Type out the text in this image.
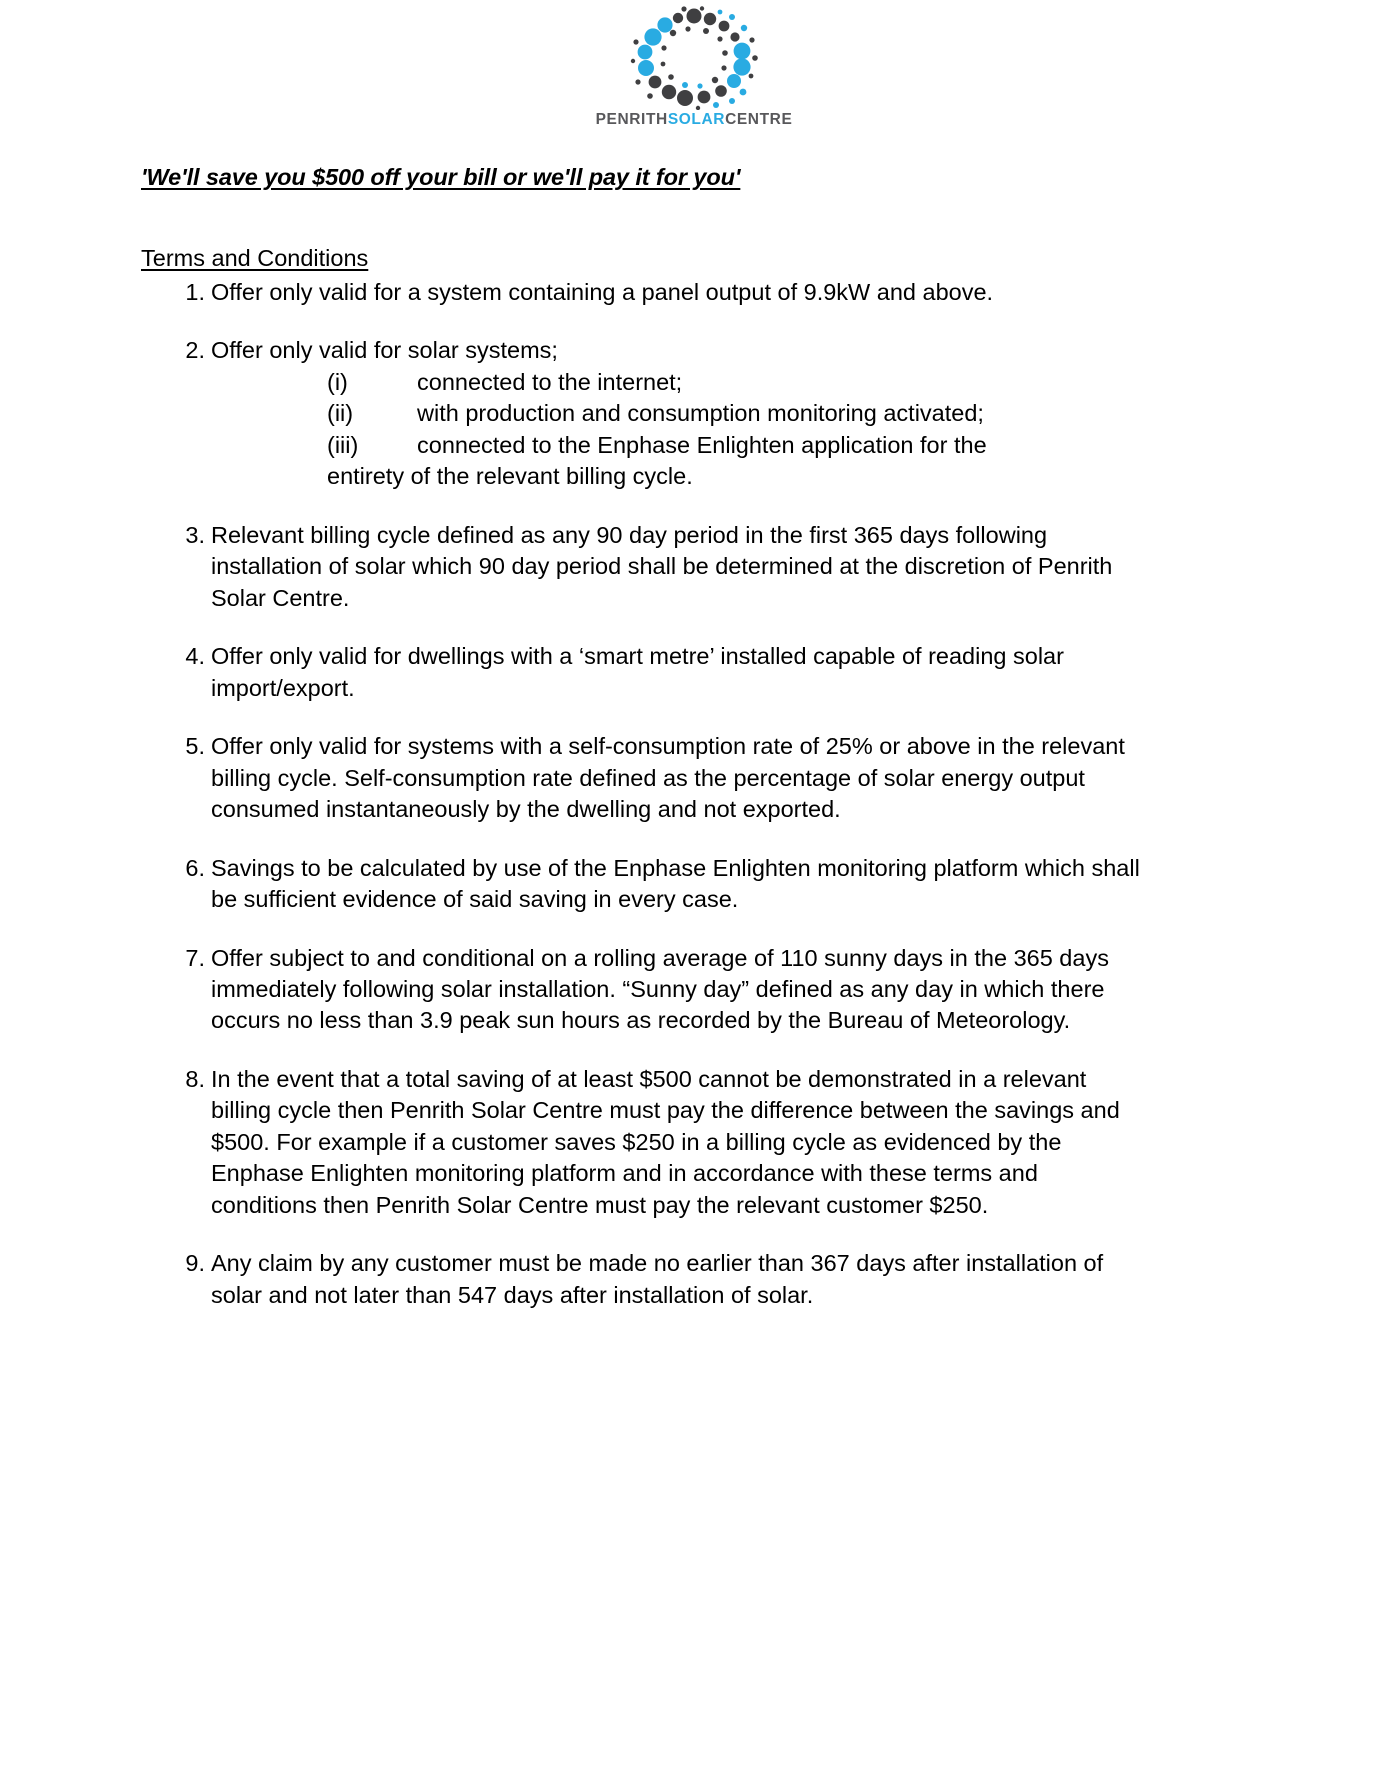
PENRITHSOLARCENTRE
'We'll save you $500 off your bill or we'll pay it for you'
Terms and Conditions
1. Offer only valid for a system containing a panel output of 9.9kW and above.
2. Offer only valid for solar systems;

(i)	connected to the internet;
(ii)	with production and consumption monitoring activated;
(iii)	connected to the Enphase Enlighten application for the

entirety of the relevant billing cycle.

3. Relevant billing cycle defined as any 90 day period in the first 365 days following installation of solar which 90 day period shall be determined at the discretion of Penrith Solar Centre.
4. Offer only valid for dwellings with a ‘smart metre’ installed capable of reading solar import/export.
5. Offer only valid for systems with a self-consumption rate of 25% or above in the relevant billing cycle. Self-consumption rate defined as the percentage of solar energy output consumed instantaneously by the dwelling and not exported.
6. Savings to be calculated by use of the Enphase Enlighten monitoring platform which shall be sufficient evidence of said saving in every case.
7. Offer subject to and conditional on a rolling average of 110 sunny days in the 365 days immediately following solar installation. “Sunny day” defined as any day in which there occurs no less than 3.9 peak sun hours as recorded by the Bureau of Meteorology.
8. In the event that a total saving of at least $500 cannot be demonstrated in a relevant billing cycle then Penrith Solar Centre must pay the difference between the savings and $500. For example if a customer saves $250 in a billing cycle as evidenced by the Enphase Enlighten monitoring platform and in accordance with these terms and conditions then Penrith Solar Centre must pay the relevant customer $250.
9. Any claim by any customer must be made no earlier than 367 days after installation of solar and not later than 547 days after installation of solar.
